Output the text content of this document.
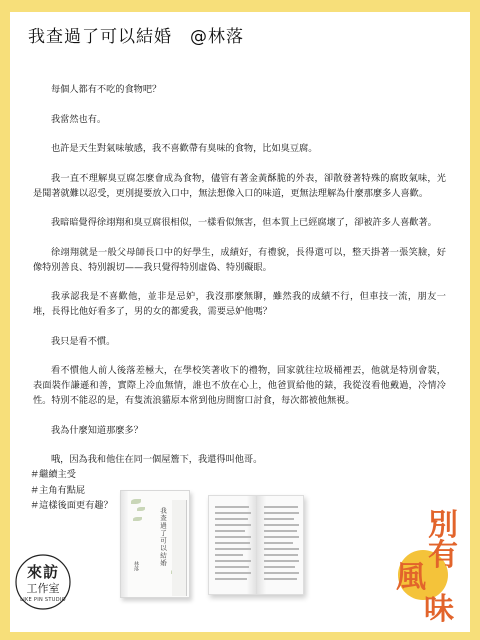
我查過了可以結婚 @林落

每個人都有不吃的食物吧？

我當然也有。

也許是天生對氣味敏感，我不喜歡帶有臭味的食物，比如臭豆腐。

我一直不理解臭豆腐怎麼會成為食物，儘管有著金黃酥脆的外表，卻散發著特殊的腐敗氣味，光是聞著就難以忍受，更別提要放入口中，無法想像入口的味道，更無法理解為什麼那麼多人喜歡。

我暗暗覺得徐翊翔和臭豆腐很相似，一樣看似無害，但本質上已經腐壞了，卻被許多人喜歡著。

徐翊翔就是一般父母師長口中的好學生，成績好，有禮貌，長得還可以，整天掛著一張笑臉，好像特別善良、特別親切——我只覺得特別虛偽、特別礙眼。

我承認我是不喜歡他，並非是忌妒，我沒那麼無聊，雖然我的成績不行，但車技一流，朋友一堆，長得比他好看多了，男的女的都愛我，需要忌妒他嗎？

我只是看不慣。

看不慣他人前人後落差極大，在學校笑著收下的禮物，回家就往垃圾桶裡丟，他就是特別會裝，表面裝作謙遜和善，實際上冷血無情，誰也不放在心上，他爸買給他的錶，我從沒看他戴過，冷情冷性。特別不能忍的是，有隻流浪貓原本常到他房間窗口討食，每次都被他無視。

我為什麼知道那麼多？

哦，因為我和他住在同一個屋簷下，我還得叫他哥。

＃繼續主受
＃主角有點屁
＃這樣後面更有趣？
我查過了可以結婚
林落
來訪
工作室
LIKE PIN STUDIO
別
有
風
味
